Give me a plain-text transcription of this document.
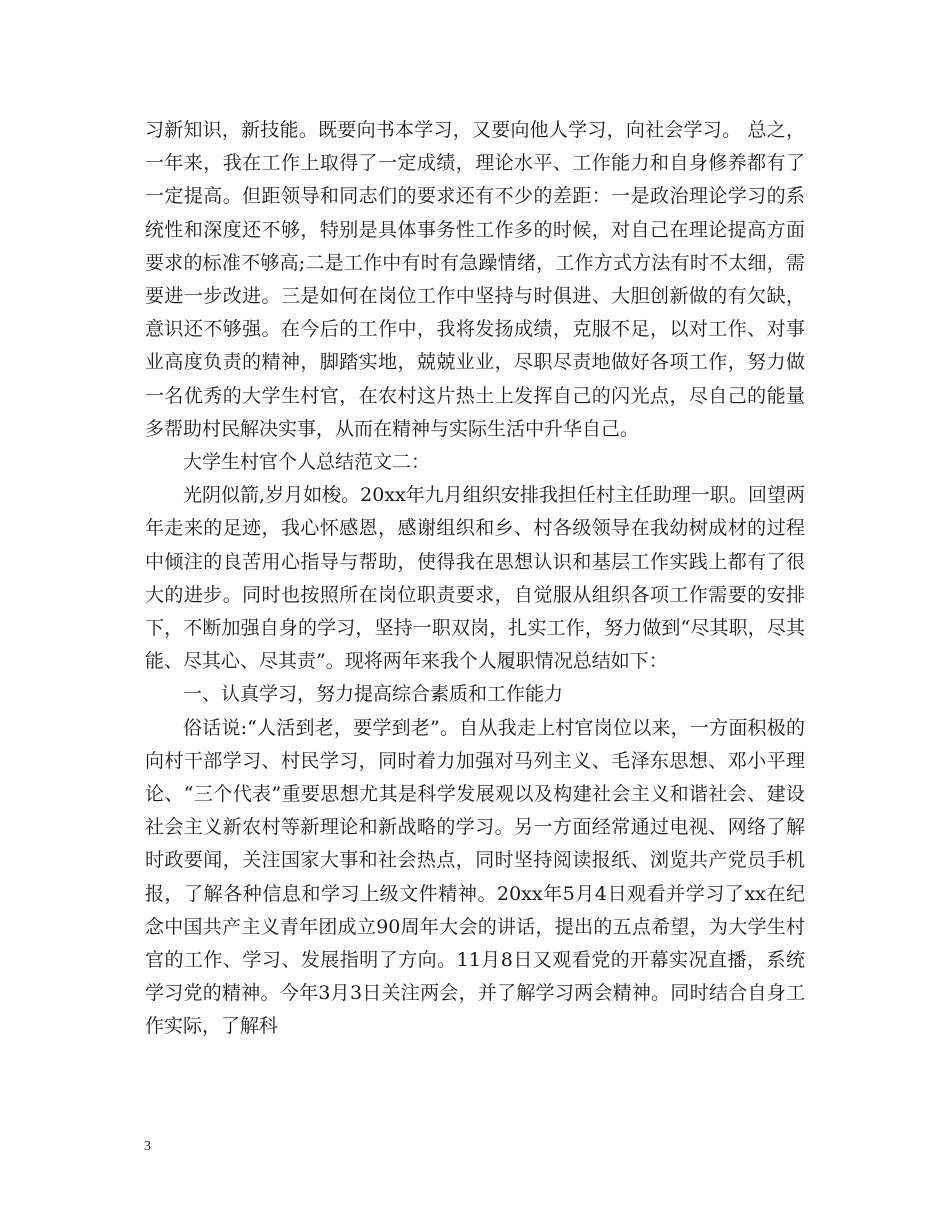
习新知识，新技能。既要向书本学习，又要向他人学习，向社会学习。 总之，一年来，我在工作上取得了一定成绩，理论水平、工作能力和自身修养都有了一定提高。但距领导和同志们的要求还有不少的差距：一是政治理论学习的系统性和深度还不够，特别是具体事务性工作多的时候，对自己在理论提高方面要求的标准不够高;二是工作中有时有急躁情绪，工作方式方法有时不太细，需要进一步改进。三是如何在岗位工作中坚持与时俱进、大胆创新做的有欠缺，意识还不够强。在今后的工作中，我将发扬成绩，克服不足，以对工作、对事业高度负责的精神，脚踏实地，兢兢业业，尽职尽责地做好各项工作，努力做一名优秀的大学生村官，在农村这片热土上发挥自己的闪光点，尽自己的能量多帮助村民解决实事，从而在精神与实际生活中升华自己。

大学生村官个人总结范文二：

光阴似箭,岁月如梭。20xx年九月组织安排我担任村主任助理一职。回望两年走来的足迹，我心怀感恩，感谢组织和乡、村各级领导在我幼树成材的过程中倾注的良苦用心指导与帮助，使得我在思想认识和基层工作实践上都有了很大的进步。同时也按照所在岗位职责要求，自觉服从组织各项工作需要的安排下，不断加强自身的学习，坚持一职双岗，扎实工作，努力做到“尽其职，尽其能、尽其心、尽其责”。现将两年来我个人履职情况总结如下：

一、认真学习，努力提高综合素质和工作能力

俗话说:“人活到老，要学到老”。自从我走上村官岗位以来，一方面积极的向村干部学习、村民学习，同时着力加强对马列主义、毛泽东思想、邓小平理论、“三个代表”重要思想尤其是科学发展观以及构建社会主义和谐社会、建设社会主义新农村等新理论和新战略的学习。另一方面经常通过电视、网络了解时政要闻，关注国家大事和社会热点，同时坚持阅读报纸、浏览共产党员手机报，了解各种信息和学习上级文件精神。20xx年5月4日观看并学习了xx在纪念中国共产主义青年团成立90周年大会的讲话，提出的五点希望，为大学生村官的工作、学习、发展指明了方向。11月8日又观看党的开幕实况直播，系统学习党的精神。今年3月3日关注两会，并了解学习两会精神。同时结合自身工作实际，了解科

3
